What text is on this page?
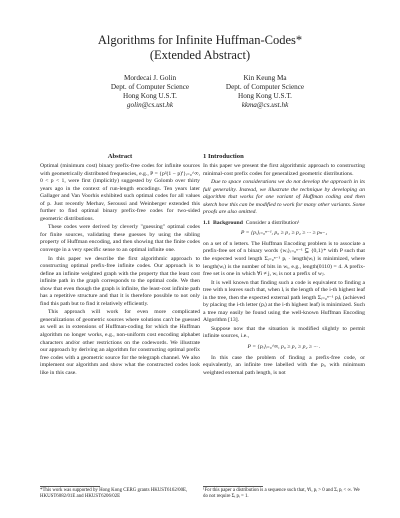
Algorithms for Infinite Huffman-Codes*
(Extended Abstract)
Mordecai J. Golin
Dept. of Computer Science
Hong Kong U.S.T.
golin@cs.ust.hk
Kin Keung Ma
Dept. of Computer Science
Hong Kong U.S.T.
kkma@cs.ust.hk
Abstract

Optimal (minimum cost) binary prefix-free codes for infinite sources with geometrically distributed frequencies, e.g., P = {p²(1 − p)ⁱ}ᵢ₌₀^∞, 0 < p < 1, were first (implicitly) suggested by Golomb over thirty years ago in the context of run-length encodings. Ten years later Gallager and Van Voorhis exhibited such optimal codes for all values of p. Just recently Merhav, Seroussi and Weinberger extended this further to find optimal binary prefix-free codes for two-sided geometric distributions.

These codes were derived by cleverly "guessing" optimal codes for finite sources, validating these guesses by using the sibling property of Huffman encoding, and then showing that the finite codes converge in a very specific sense to an optimal infinite one.

In this paper we describe the first algorithmic approach to constructing optimal prefix-free infinite codes. Our approach is to define an infinite weighted graph with the property that the least cost infinite path in the graph corresponds to the optimal code. We then show that even though the graph is infinite, the least-cost infinite path has a repetitive structure and that it is therefore possible to not only find this path but to find it relatively efficiently.

This approach will work for even more complicated generalizations of geometric sources where solutions can't be guessed as well as in extensions of Huffman-coding for which the Huffman algorithm no longer works, e.g., non-uniform cost encoding alphabet characters and/or other restrictions on the codewords. We illustrate our approach by deriving an algorithm for constructing optimal prefix free codes with a geometric source for the telegraph channel. We also implement our algorithm and show what the constructed codes look like in this case.

1 Introduction

In this paper we present the first algorithmic approach to constructing minimal-cost prefix codes for generalized geometric distributions.

Due to space considerations we do not develop the approach in its full generality. Instead, we illustrate the technique by developing an algorithm that works for one variant of Huffman coding and then sketch how this can be modified to work for many other variants. Some proofs are also omitted.

1.1 Background Consider a distribution¹

P = {pᵢ}ᵢ₌₀ⁿ⁻¹, p₀ ≥ p₁ ≥ p₂ ≥ ··· ≥ pₙ₋₁

on a set of n letters. The Huffman Encoding problem is to associate a prefix-free set of n binary words {wᵢ}ᵢ₌₀ⁿ⁻¹ ⊆ {0,1}* with P such that the expected word length Σᵢ₌₀ⁿ⁻¹ pᵢ · length(wᵢ) is minimized, where length(wᵢ) is the number of bits in wᵢ, e.g., length(0110) = 4. A prefix-free set is one in which ∀i ≠ j, wᵢ is not a prefix of wⱼ.

It is well known that finding such a code is equivalent to finding a tree with n leaves such that, when lᵢ is the length of the i-th highest leaf in the tree, then the expected external path length Σᵢ₌₀ⁿ⁻¹ pᵢlᵢ (achieved by placing the i-th letter (pᵢ) at the i-th highest leaf) is minimized. Such a tree may easily be found using the well-known Huffman Encoding Algorithm [13].

Suppose now that the situation is modified slightly to permit infinite sources, i.e.,

P = {pᵢ}ᵢ₌₀^∞, p₀ ≥ p₁ ≥ p₂ ≥ ··· .

In this case the problem of finding a prefix-free code, or equivalently, an infinite tree labelled with the pᵢ, with minimum weighted external path length, is not

*This work was supported by Hong Kong CERG grants HKUST6162/00E, HKUST6082/01E and HKUST6206/02E
¹For this paper a distribution is a sequence such that, ∀i, pᵢ > 0 and Σᵢ pᵢ < ∞. We do not require Σᵢ pᵢ = 1.
